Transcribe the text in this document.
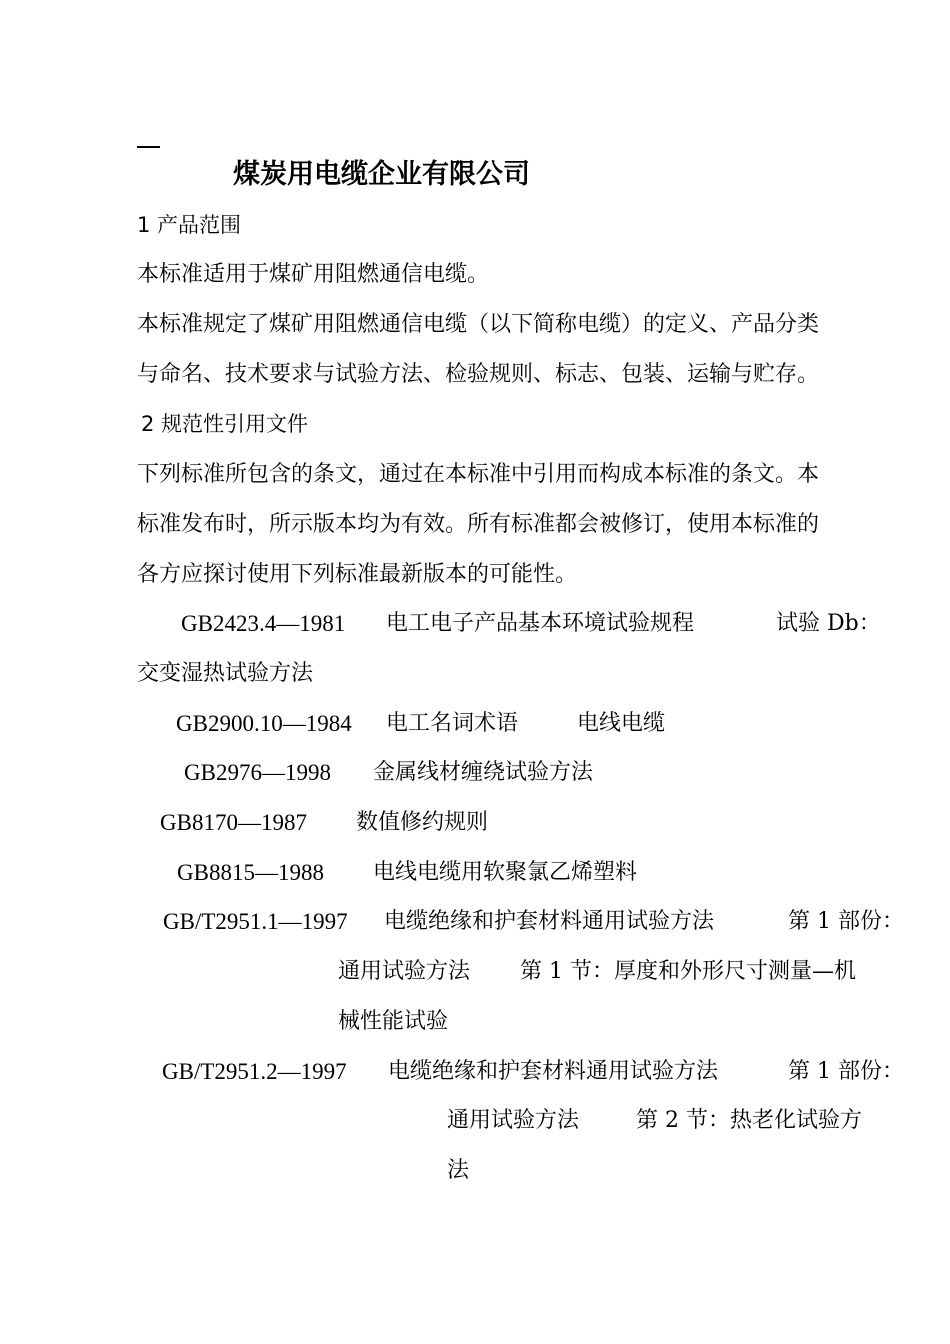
煤炭用电缆企业有限公司
1 产品范围
本标准适用于煤矿用阻燃通信电缆。
本标准规定了煤矿用阻燃通信电缆（以下简称电缆）的定义、产品分类
与命名、技术要求与试验方法、检验规则、标志、包装、运输与贮存。
2 规范性引用文件
下列标准所包含的条文，通过在本标准中引用而构成本标准的条文。本
标准发布时，所示版本均为有效。所有标准都会被修订，使用本标准的
各方应探讨使用下列标准最新版本的可能性。
GB2423.4—1981 电工电子产品基本环境试验规程	试验 Db：
交变湿热试验方法
GB2900.10—1984 电工名词术语	电线电缆
GB2976—1998 金属线材缠绕试验方法
GB8170—1987 数值修约规则
GB8815—1988 电线电缆用软聚氯乙烯塑料
GB/T2951.1—1997 电缆绝缘和护套材料通用试验方法	第 1 部份：
通用试验方法 第 1 节：厚度和外形尺寸测量—机
械性能试验
GB/T2951.2—1997 电缆绝缘和护套材料通用试验方法	第 1 部份：
通用试验方法	第 2 节：热老化试验方
法
